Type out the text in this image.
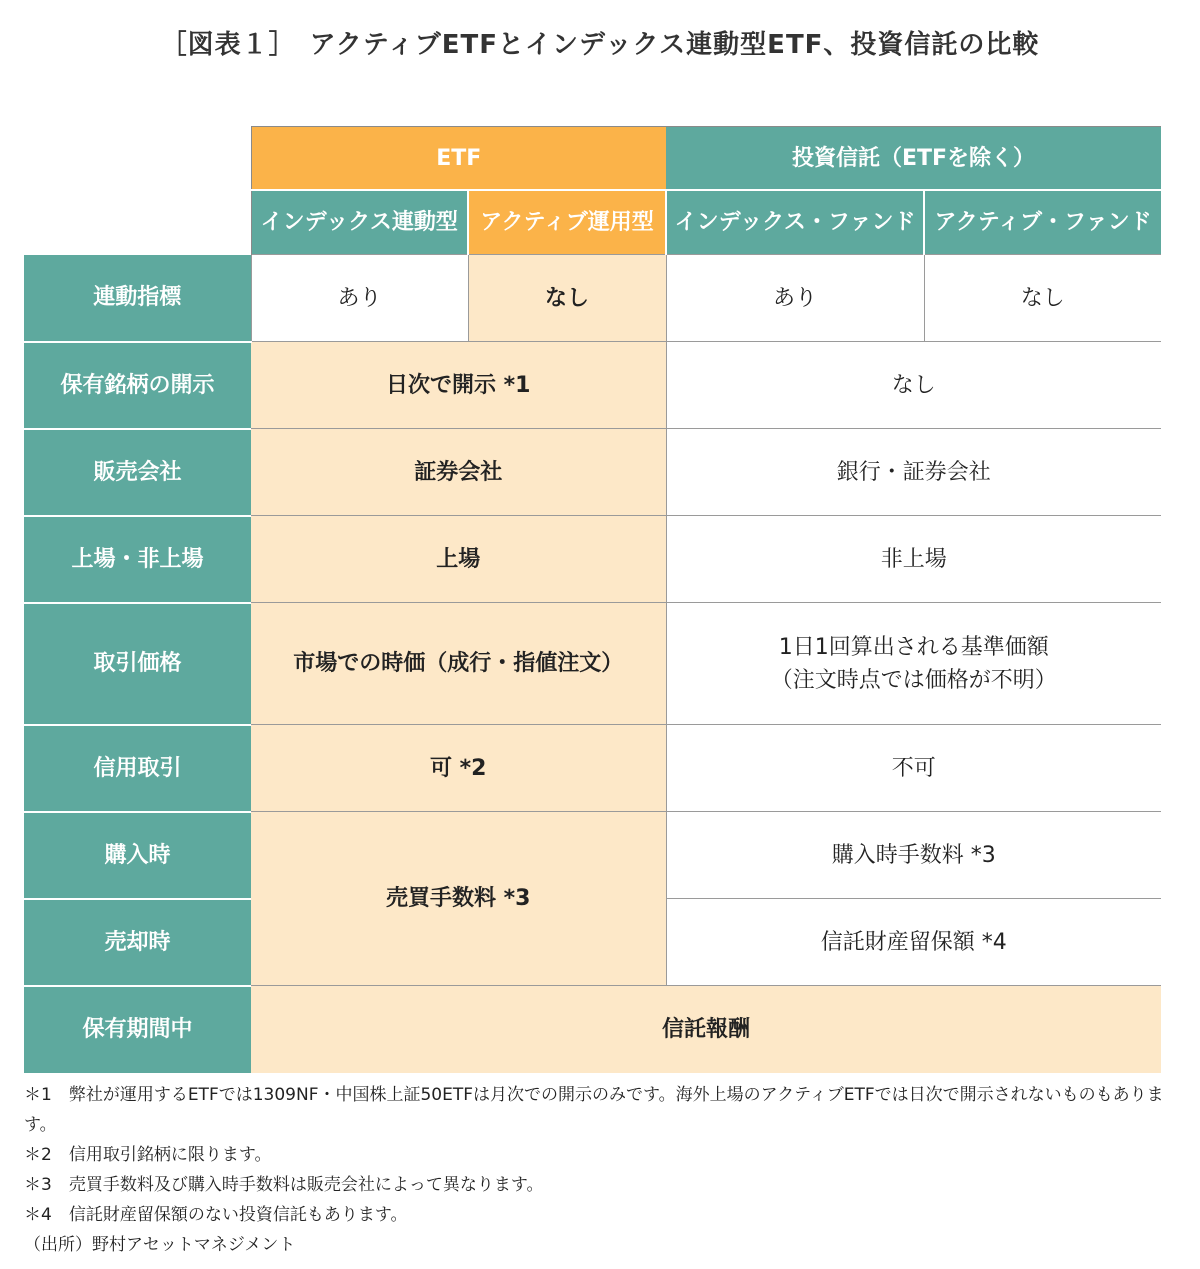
［図表１］　アクティブETFとインデックス連動型ETF、投資信託の比較
	ETF		投資信託（ETFを除く）	
	インデックス連動型	アクティブ運用型	インデックス・ファンド	アクティブ・ファンド
連動指標	あり	なし	あり	なし
保有銘柄の開示	日次で開示 *1		なし	
販売会社	証券会社		銀行・証券会社	
上場・非上場	上場		非上場	
取引価格	市場での時価（成行・指値注文）		1日1回算出される基準価額
（注文時点では価格が不明）	

信用取引	可 *2		不可	
購入時	売買手数料 *3		購入時手数料 *3	
売却時			信託財産留保額 *4	
保有期間中	信託報酬			
＊1　弊社が運用するETFでは1309NF・中国株上証50ETFは月次での開示のみです。海外上場のアクティブETFでは日次で開示されないものもあります。
＊2　信用取引銘柄に限ります。
＊3　売買手数料及び購入時手数料は販売会社によって異なります。
＊4　信託財産留保額のない投資信託もあります。
（出所）野村アセットマネジメント
